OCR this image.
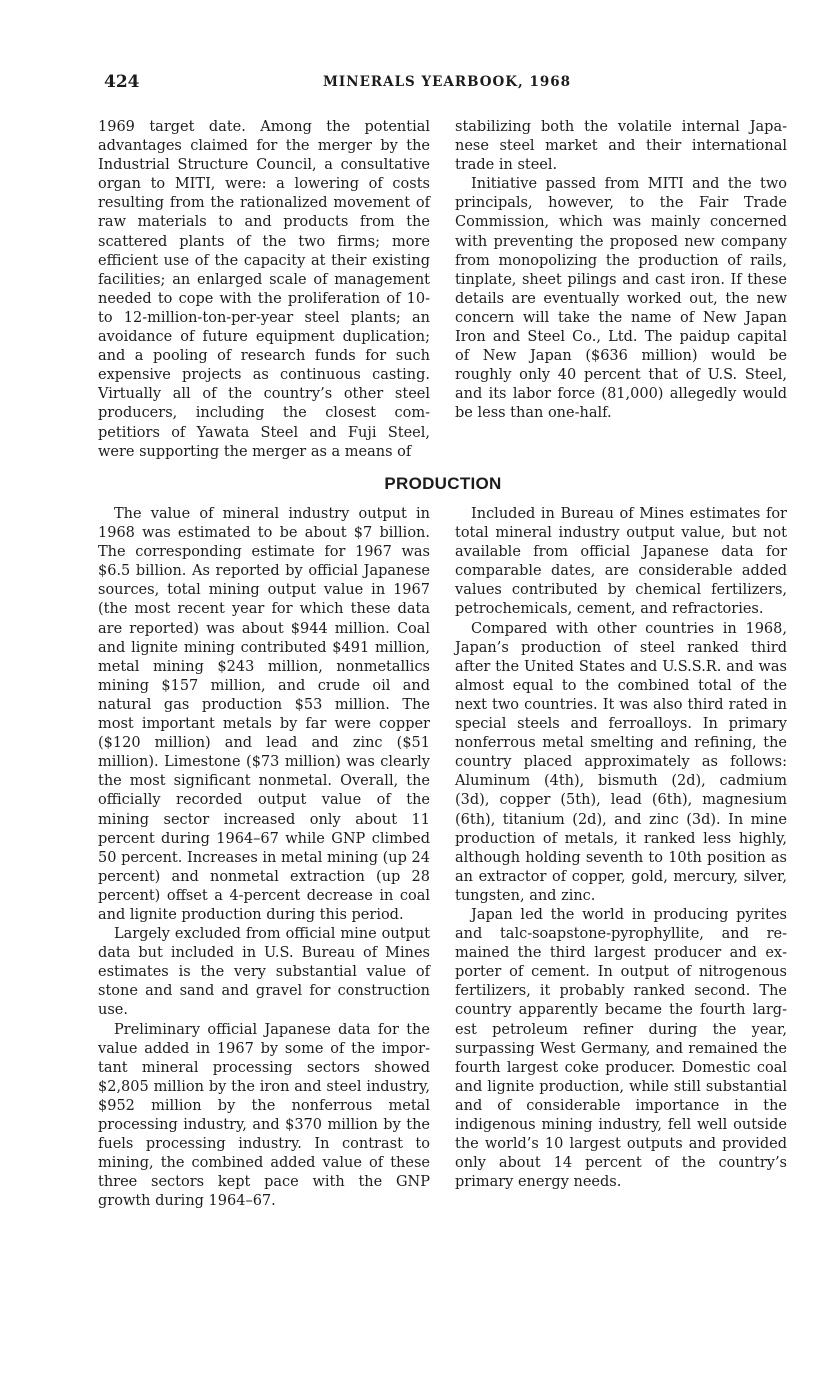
424	MINERALS YEARBOOK, 1968

1969 target date. Among the potential advantages claimed for the merger by the Industrial Structure Council, a consultative organ to MITI, were: a lowering of costs resulting from the rationalized movement of raw materials to and products from the scattered plants of the two firms; more efficient use of the capacity at their existing facilities; an enlarged scale of management needed to cope with the proliferation of 10- to 12-million-ton-per-year steel plants; an avoidance of future equipment duplication; and a pooling of research funds for such expensive projects as continuous casting. Virtually all of the country’s other steel producers, including the closest competitiors of Yawata Steel and Fuji Steel, were supporting the merger as a means of

stabilizing both the volatile internal Japanese steel market and their international trade in steel.

Initiative passed from MITI and the two principals, however, to the Fair Trade Commission, which was mainly concerned with preventing the proposed new company from monopolizing the production of rails, tinplate, sheet pilings and cast iron. If these details are eventually worked out, the new concern will take the name of New Japan Iron and Steel Co., Ltd. The paidup capital of New Japan ($636 million) would be roughly only 40 percent that of U.S. Steel, and its labor force (81,000) allegedly would be less than one-half.

PRODUCTION

The value of mineral industry output in 1968 was estimated to be about $7 billion. The corresponding estimate for 1967 was $6.5 billion. As reported by official Japanese sources, total mining output value in 1967 (the most recent year for which these data are reported) was about $944 million. Coal and lignite mining contributed $491 million, metal mining $243 million, nonmetallics mining $157 million, and crude oil and natural gas production $53 million. The most important metals by far were copper ($120 million) and lead and zinc ($51 million). Limestone ($73 million) was clearly the most significant nonmetal. Overall, the officially recorded output value of the mining sector increased only about 11 percent during 1964–67 while GNP climbed 50 percent. Increases in metal mining (up 24 percent) and nonmetal extraction (up 28 percent) offset a 4-percent decrease in coal and lignite production during this period.

Largely excluded from official mine output data but included in U.S. Bureau of Mines estimates is the very substantial value of stone and sand and gravel for construction use.

Preliminary official Japanese data for the value added in 1967 by some of the important mineral processing sectors showed $2,805 million by the iron and steel industry, $952 million by the nonferrous metal processing industry, and $370 million by the fuels processing industry. In contrast to mining, the combined added value of these three sectors kept pace with the GNP growth during 1964–67.

Included in Bureau of Mines estimates for total mineral industry output value, but not available from official Japanese data for comparable dates, are considerable added values contributed by chemical fertilizers, petrochemicals, cement, and refractories.

Compared with other countries in 1968, Japan’s production of steel ranked third after the United States and U.S.S.R. and was almost equal to the combined total of the next two countries. It was also third rated in special steels and ferroalloys. In primary nonferrous metal smelting and refining, the country placed approximately as follows: Aluminum (4th), bismuth (2d), cadmium (3d), copper (5th), lead (6th), magnesium (6th), titanium (2d), and zinc (3d). In mine production of metals, it ranked less highly, although holding seventh to 10th position as an extractor of copper, gold, mercury, silver, tungsten, and zinc.

Japan led the world in producing pyrites and talc-soapstone-pyrophyllite, and remained the third largest producer and exporter of cement. In output of nitrogenous fertilizers, it probably ranked second. The country apparently became the fourth largest petroleum refiner during the year, surpassing West Germany, and remained the fourth largest coke producer. Domestic coal and lignite production, while still substantial and of considerable importance in the indigenous mining industry, fell well outside the world’s 10 largest outputs and provided only about 14 percent of the country’s primary energy needs.
